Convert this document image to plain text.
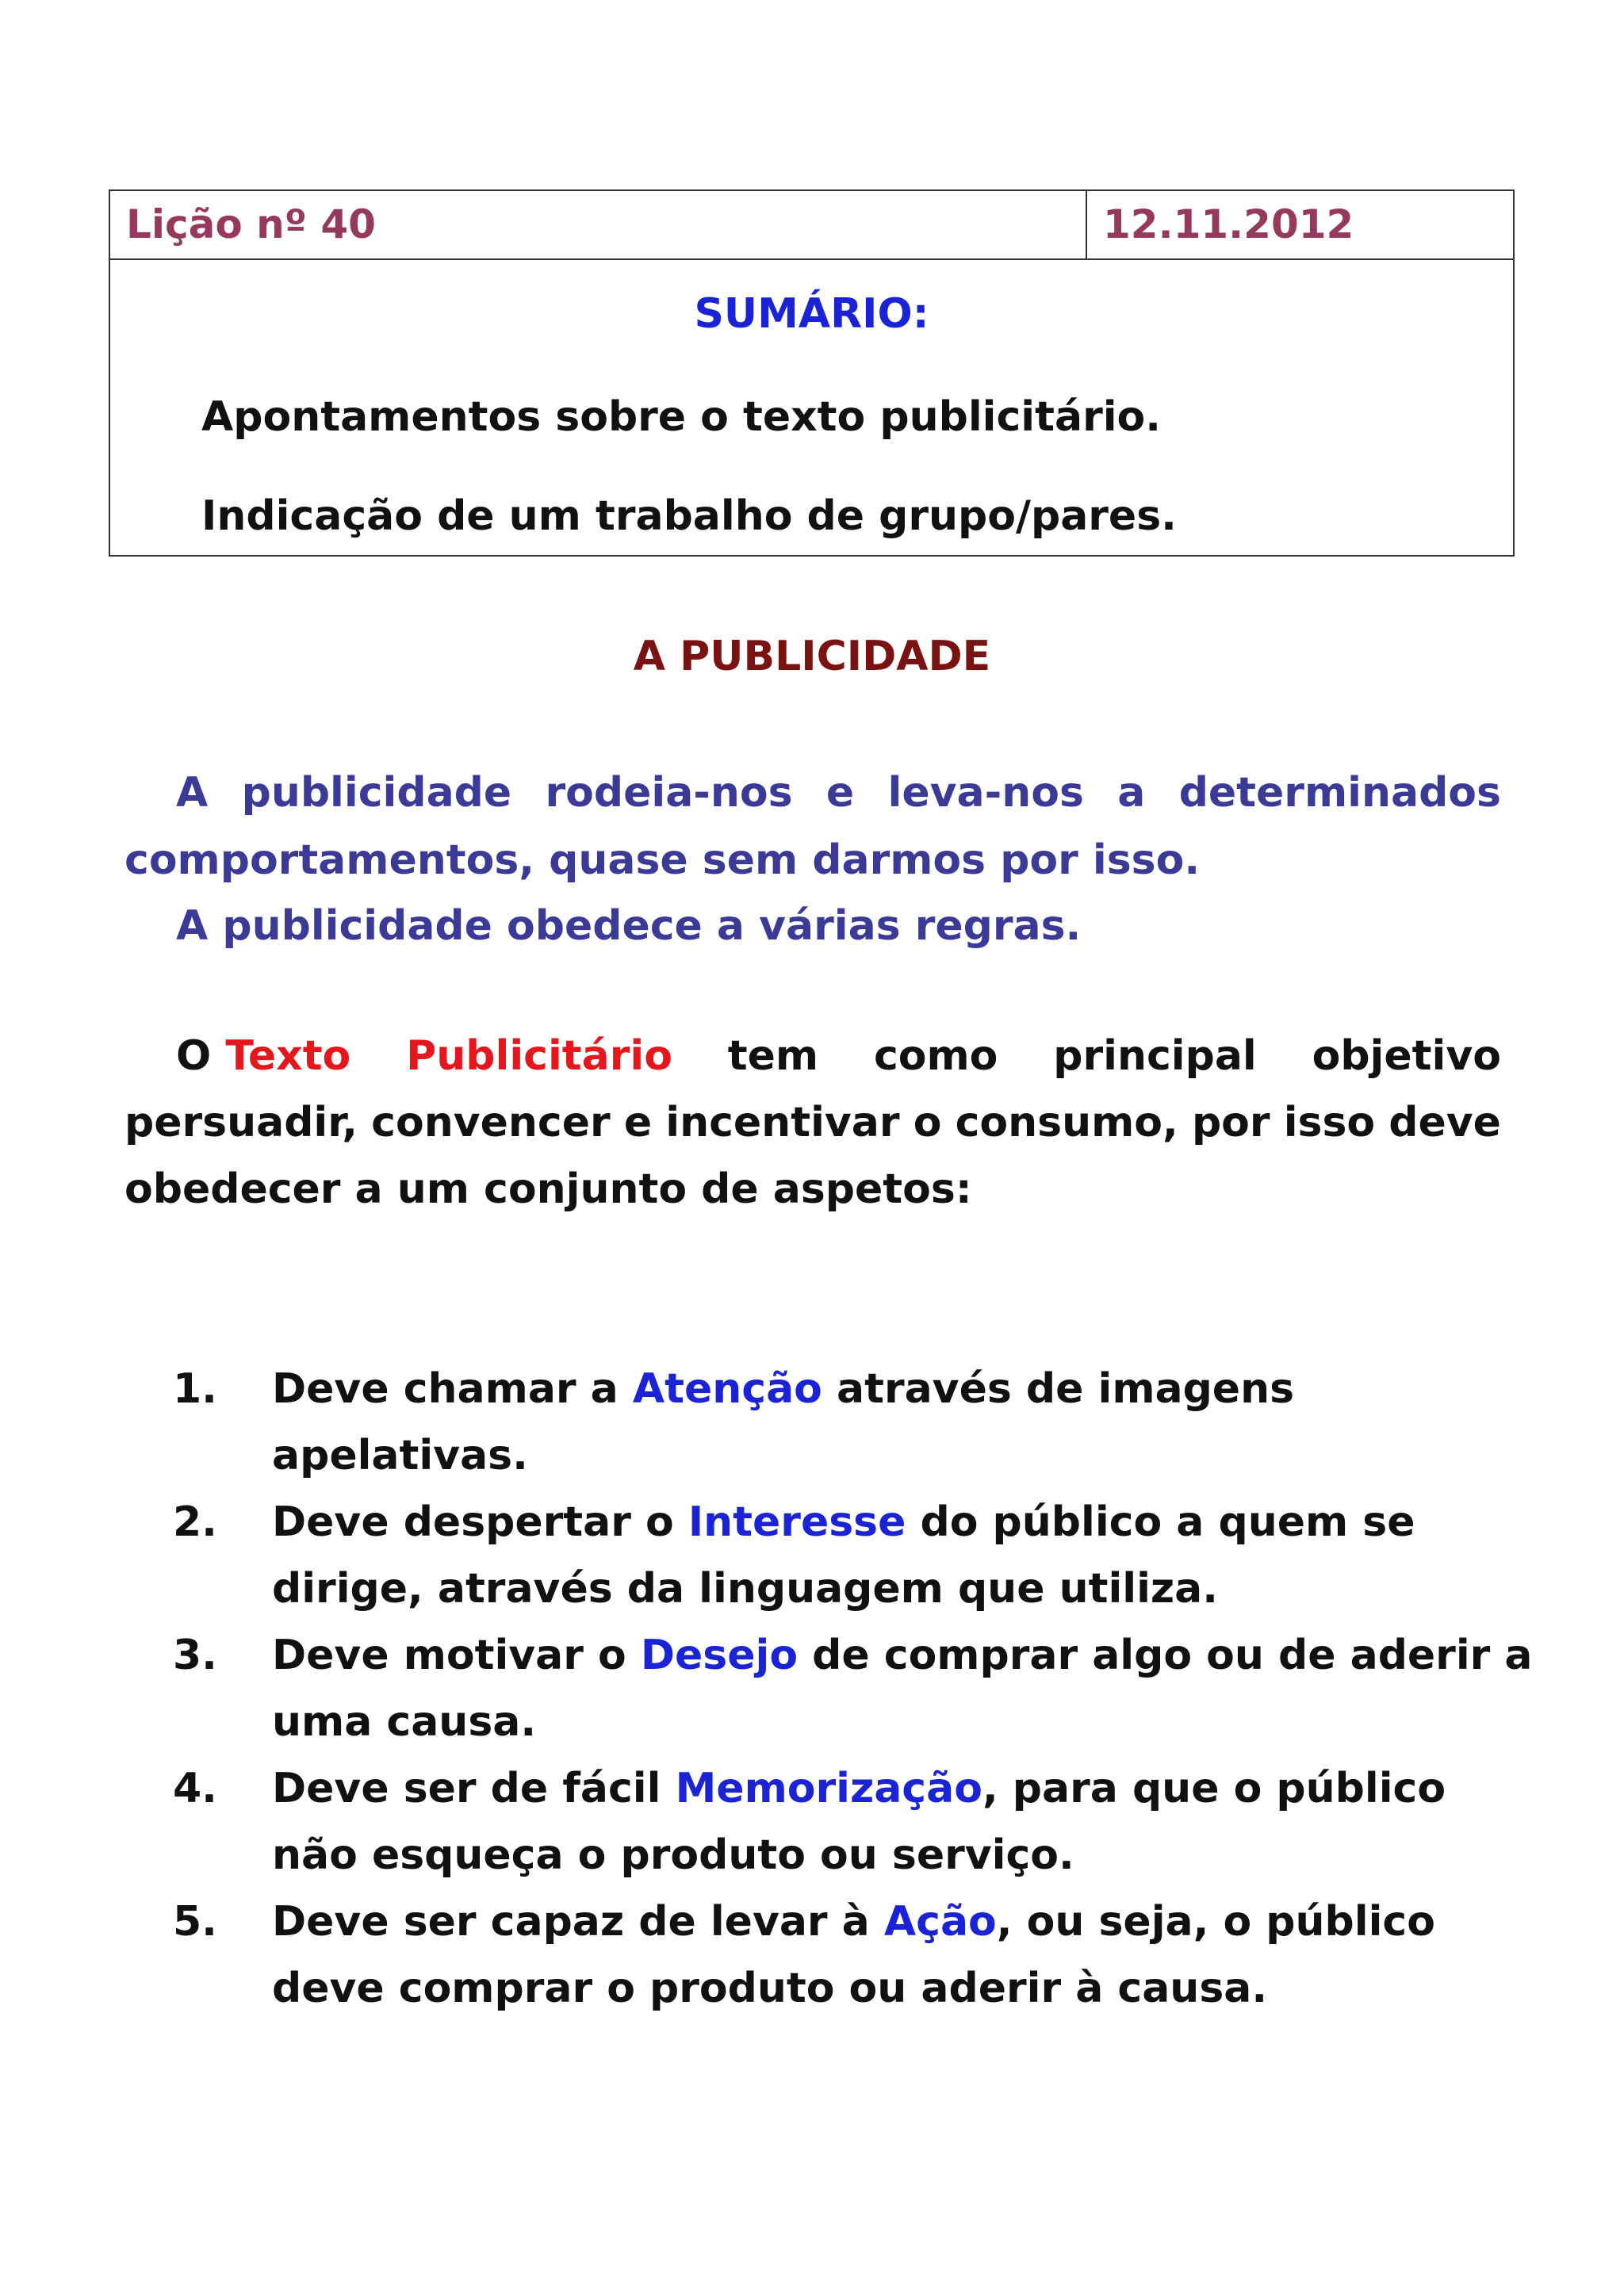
Lição nº 40	12.11.2012
SUMÁRIO:
Apontamentos sobre o texto publicitário.
Indicação de um trabalho de grupo/pares.
A PUBLICIDADE
A publicidade rodeia-nos e leva-nos a determinados
comportamentos, quase sem darmos por isso.
A publicidade obedece a várias regras.
O Texto Publicitário tem como principal objetivo
persuadir, convencer e incentivar o consumo, por isso deve
obedecer a um conjunto de aspetos:
1. Deve chamar a Atenção através de imagens
apelativas.
2. Deve despertar o Interesse do público a quem se
dirige, através da linguagem que utiliza.
3. Deve motivar o Desejo de comprar algo ou de aderir a
uma causa.
4. Deve ser de fácil Memorização, para que o público
não esqueça o produto ou serviço.
5. Deve ser capaz de levar à Ação, ou seja, o público
deve comprar o produto ou aderir à causa.
